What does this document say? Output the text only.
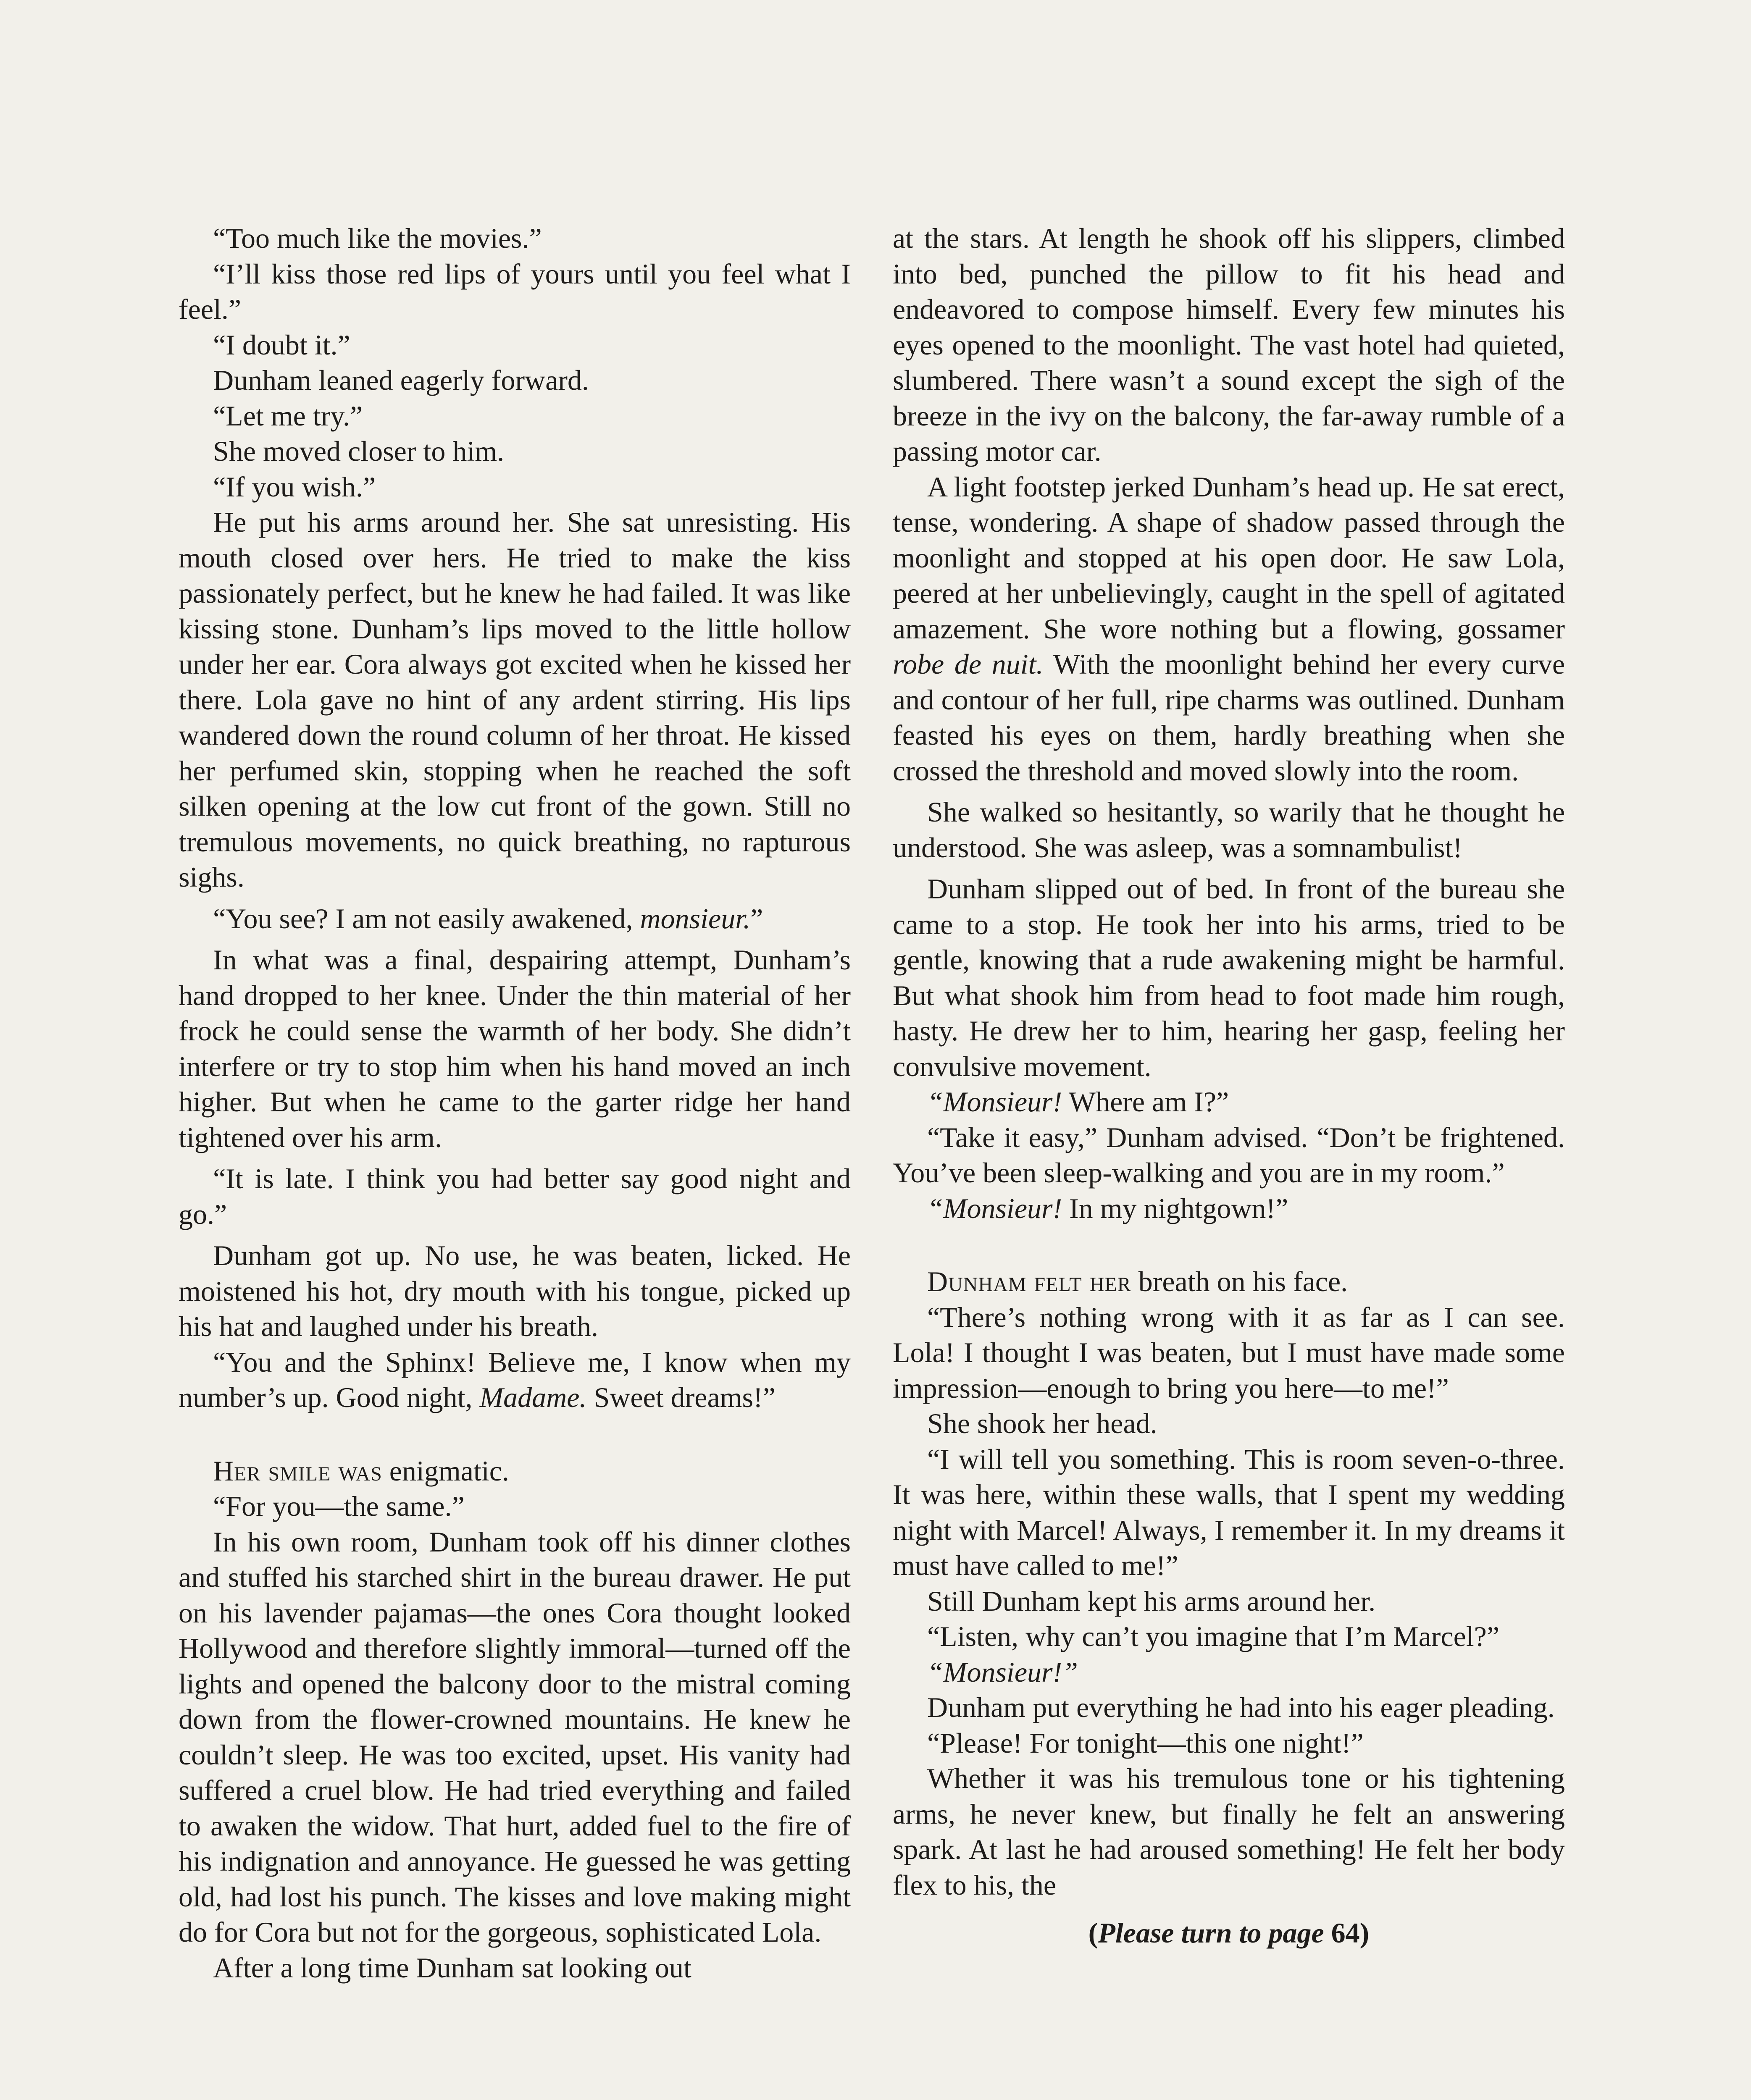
“Too much like the movies.”

“I’ll kiss those red lips of yours until you feel what I feel.”

“I doubt it.”

Dunham leaned eagerly forward.

“Let me try.”

She moved closer to him.

“If you wish.”

He put his arms around her. She sat unresisting. His mouth closed over hers. He tried to make the kiss passionately perfect, but he knew he had failed. It was like kissing stone. Dunham’s lips moved to the little hollow under her ear. Cora always got excited when he kissed her there. Lola gave no hint of any ardent stirring. His lips wandered down the round column of her throat. He kissed her perfumed skin, stopping when he reached the soft silken opening at the low cut front of the gown. Still no tremulous movements, no quick breathing, no rapturous sighs.

“You see? I am not easily awakened, monsieur.”

In what was a final, despairing attempt, Dunham’s hand dropped to her knee. Under the thin material of her frock he could sense the warmth of her body. She didn’t interfere or try to stop him when his hand moved an inch higher. But when he came to the garter ridge her hand tightened over his arm.

“It is late. I think you had better say good night and go.”

Dunham got up. No use, he was beaten, licked. He moistened his hot, dry mouth with his tongue, picked up his hat and laughed under his breath.

“You and the Sphinx! Believe me, I know when my number’s up. Good night, Madame. Sweet dreams!”

Her smile was enigmatic.

“For you—the same.”

In his own room, Dunham took off his dinner clothes and stuffed his starched shirt in the bureau drawer. He put on his lavender pajamas—the ones Cora thought looked Hollywood and therefore slightly immoral—turned off the lights and opened the balcony door to the mistral coming down from the flower-crowned mountains. He knew he couldn’t sleep. He was too excited, upset. His vanity had suffered a cruel blow. He had tried everything and failed to awaken the widow. That hurt, added fuel to the fire of his indignation and annoyance. He guessed he was getting old, had lost his punch. The kisses and love making might do for Cora but not for the gorgeous, sophisticated Lola.

After a long time Dunham sat looking out

at the stars. At length he shook off his slippers, climbed into bed, punched the pillow to fit his head and endeavored to compose himself. Every few minutes his eyes opened to the moonlight. The vast hotel had quieted, slumbered. There wasn’t a sound except the sigh of the breeze in the ivy on the balcony, the far-away rumble of a passing motor car.

A light footstep jerked Dunham’s head up. He sat erect, tense, wondering. A shape of shadow passed through the moonlight and stopped at his open door. He saw Lola, peered at her unbelievingly, caught in the spell of agitated amazement. She wore nothing but a flowing, gossamer robe de nuit. With the moonlight behind her every curve and contour of her full, ripe charms was outlined. Dunham feasted his eyes on them, hardly breathing when she crossed the threshold and moved slowly into the room.

She walked so hesitantly, so warily that he thought he understood. She was asleep, was a somnambulist!

Dunham slipped out of bed. In front of the bureau she came to a stop. He took her into his arms, tried to be gentle, knowing that a rude awakening might be harmful. But what shook him from head to foot made him rough, hasty. He drew her to him, hearing her gasp, feeling her convulsive movement.

“Monsieur! Where am I?”

“Take it easy,” Dunham advised. “Don’t be frightened. You’ve been sleep-walking and you are in my room.”

“Monsieur! In my nightgown!”

Dunham felt her breath on his face.

“There’s nothing wrong with it as far as I can see. Lola! I thought I was beaten, but I must have made some impression—enough to bring you here—to me!”

She shook her head.

“I will tell you something. This is room seven-o-three. It was here, within these walls, that I spent my wedding night with Marcel! Always, I remember it. In my dreams it must have called to me!”

Still Dunham kept his arms around her.

“Listen, why can’t you imagine that I’m Marcel?”

“Monsieur!”

Dunham put everything he had into his eager pleading.

“Please! For tonight—this one night!”

Whether it was his tremulous tone or his tightening arms, he never knew, but finally he felt an answering spark. At last he had aroused something! He felt her body flex to his, the

(Please turn to page 64)
